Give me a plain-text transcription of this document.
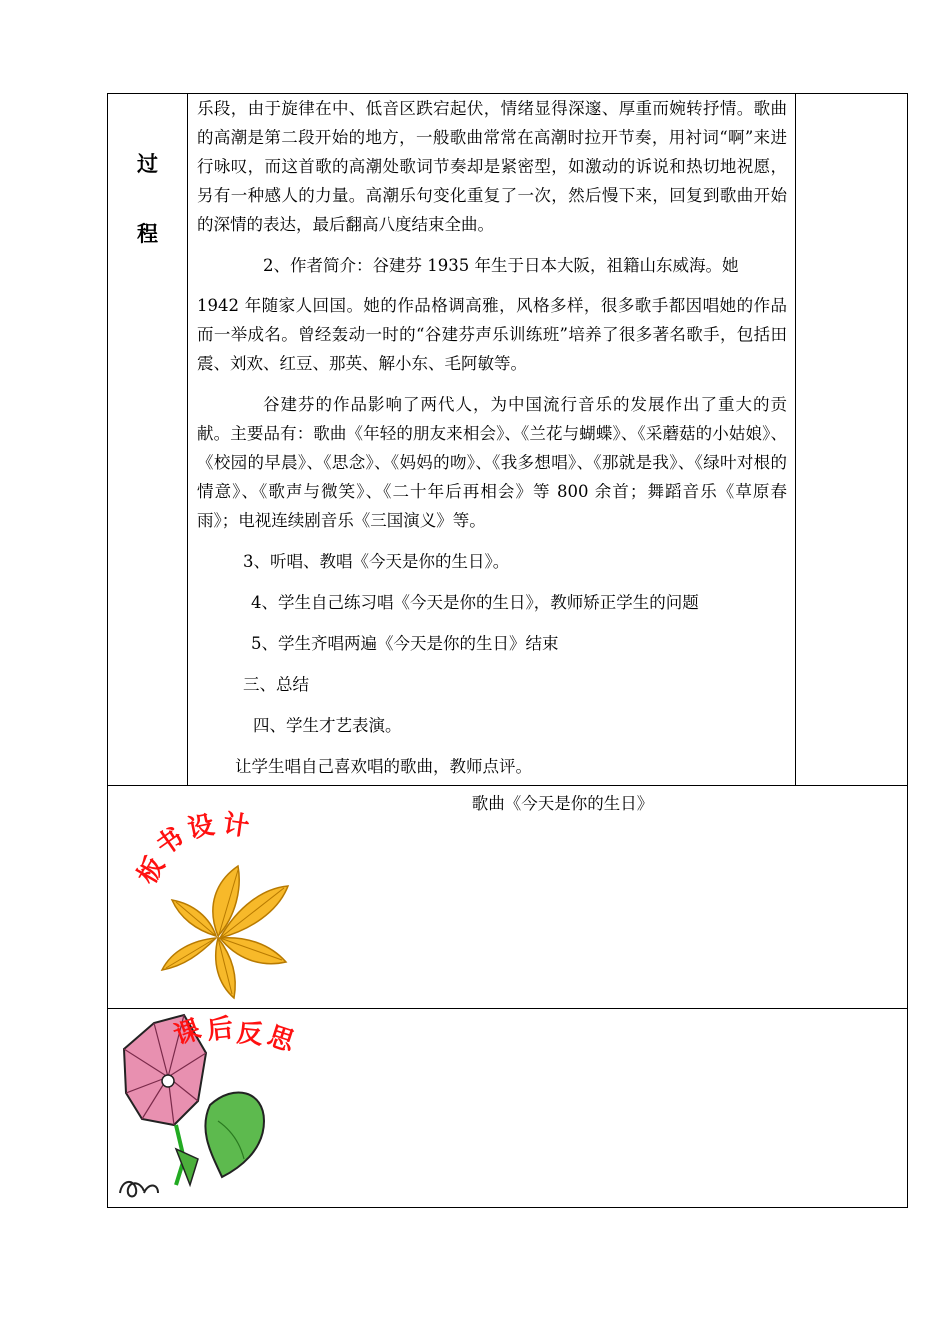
过
程

乐段，由于旋律在中、低音区跌宕起伏，情绪显得深邃、厚重而婉转抒情。歌曲的高潮是第二段开始的地方，一般歌曲常常在高潮时拉开节奏，用衬词“啊”来进行咏叹，而这首歌的高潮处歌词节奏却是紧密型，如激动的诉说和热切地祝愿，另有一种感人的力量。高潮乐句变化重复了一次，然后慢下来，回复到歌曲开始的深情的表达，最后翻高八度结束全曲。

2、作者简介：谷建芬 1935 年生于日本大阪，祖籍山东威海。她

1942 年随家人回国。她的作品格调高雅，风格多样，很多歌手都因唱她的作品而一举成名。曾经轰动一时的“谷建芬声乐训练班”培养了很多著名歌手，包括田震、刘欢、红豆、那英、解小东、毛阿敏等。

谷建芬的作品影响了两代人，为中国流行音乐的发展作出了重大的贡献。主要品有：歌曲《年轻的朋友来相会》、《兰花与蝴蝶》、《采蘑菇的小姑娘》、《校园的早晨》、《思念》、《妈妈的吻》、《我多想唱》、《那就是我》、《绿叶对根的情意》、《歌声与微笑》、《二十年后再相会》等 800 余首；舞蹈音乐《草原春雨》；电视连续剧音乐《三国演义》等。

3、听唱、教唱《今天是你的生日》。

4、学生自己练习唱《今天是你的生日》，教师矫正学生的问题

5、学生齐唱两遍《今天是你的生日》结束

三、总结

四、学生才艺表演。

让学生唱自己喜欢唱的歌曲，教师点评。

歌曲《今天是你的生日》
板
书
设 计

课 后 反 思
